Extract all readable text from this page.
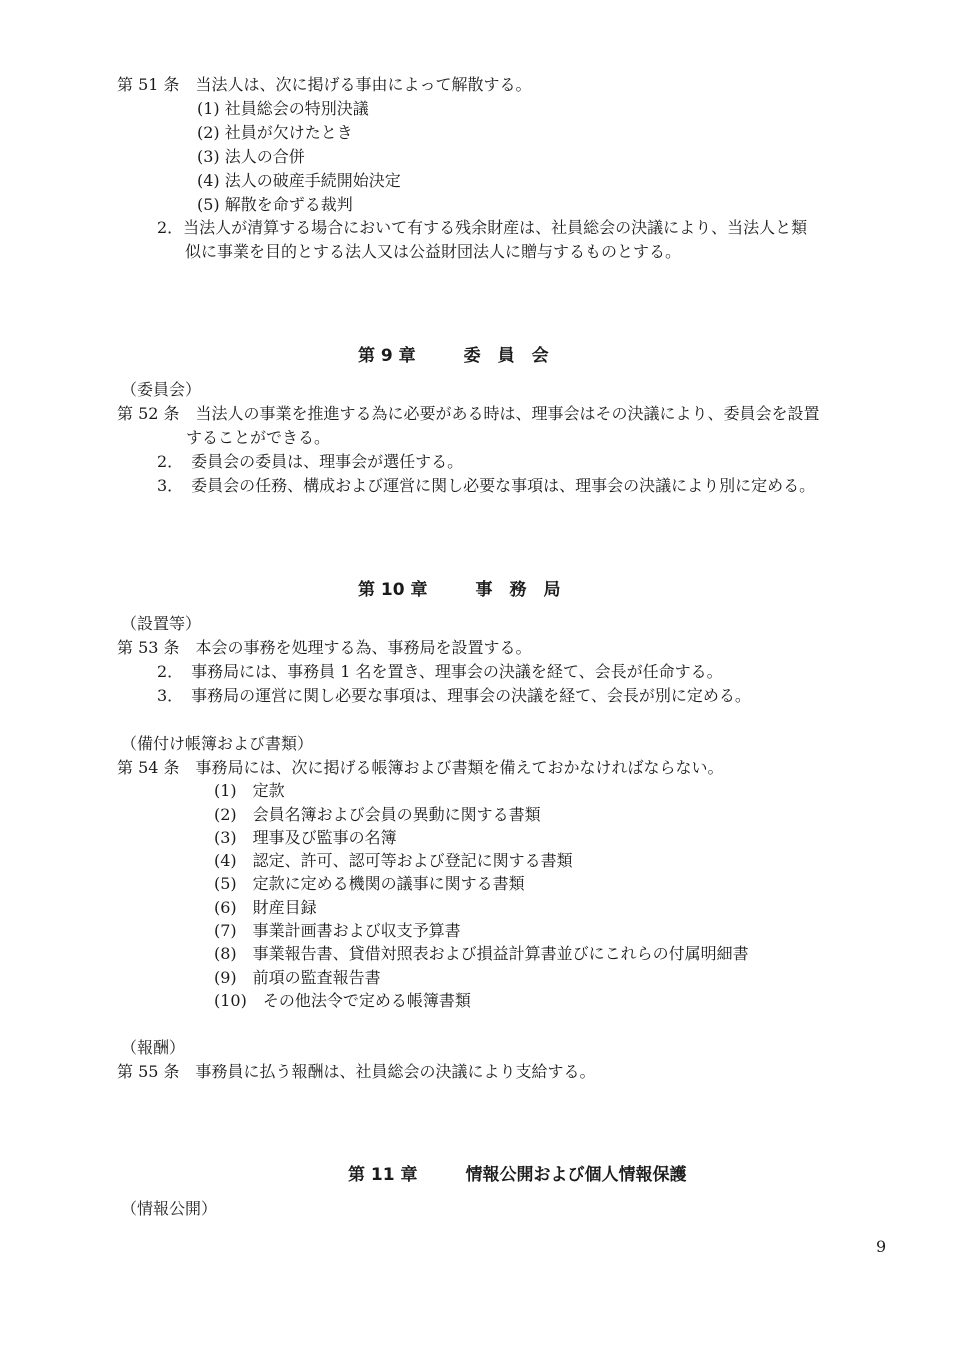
第 51 条　当法人は、次に掲げる事由によって解散する。
(1) 社員総会の特別決議
(2) 社員が欠けたとき
(3) 法人の合併
(4) 法人の破産手続開始決定
(5) 解散を命ずる裁判
2．当法人が清算する場合において有する残余財産は、社員総会の決議により、当法人と類
似に事業を目的とする法人又は公益財団法人に贈与するものとする。
第 9 章	委　員　会
（委員会）
第 52 条　当法人の事業を推進する為に必要がある時は、理事会はその決議により、委員会を設置
することができる。
2．　委員会の委員は、理事会が選任する。
3．　委員会の任務、構成および運営に関し必要な事項は、理事会の決議により別に定める。
第 10 章	事　務　局
（設置等）
第 53 条　本会の事務を処理する為、事務局を設置する。
2．　事務局には、事務員 1 名を置き、理事会の決議を経て、会長が任命する。
3．　事務局の運営に関し必要な事項は、理事会の決議を経て、会長が別に定める。
（備付け帳簿および書類）
第 54 条　事務局には、次に掲げる帳簿および書類を備えておかなければならない。
(1)　定款
(2)　会員名簿および会員の異動に関する書類
(3)　理事及び監事の名簿
(4)　認定、許可、認可等および登記に関する書類
(5)　定款に定める機関の議事に関する書類
(6)　財産目録
(7)　事業計画書および収支予算書
(8)　事業報告書、貸借対照表および損益計算書並びにこれらの付属明細書
(9)　前項の監査報告書
(10)　その他法令で定める帳簿書類
（報酬）
第 55 条　事務員に払う報酬は、社員総会の決議により支給する。
第 11 章	情報公開および個人情報保護
（情報公開）
9
